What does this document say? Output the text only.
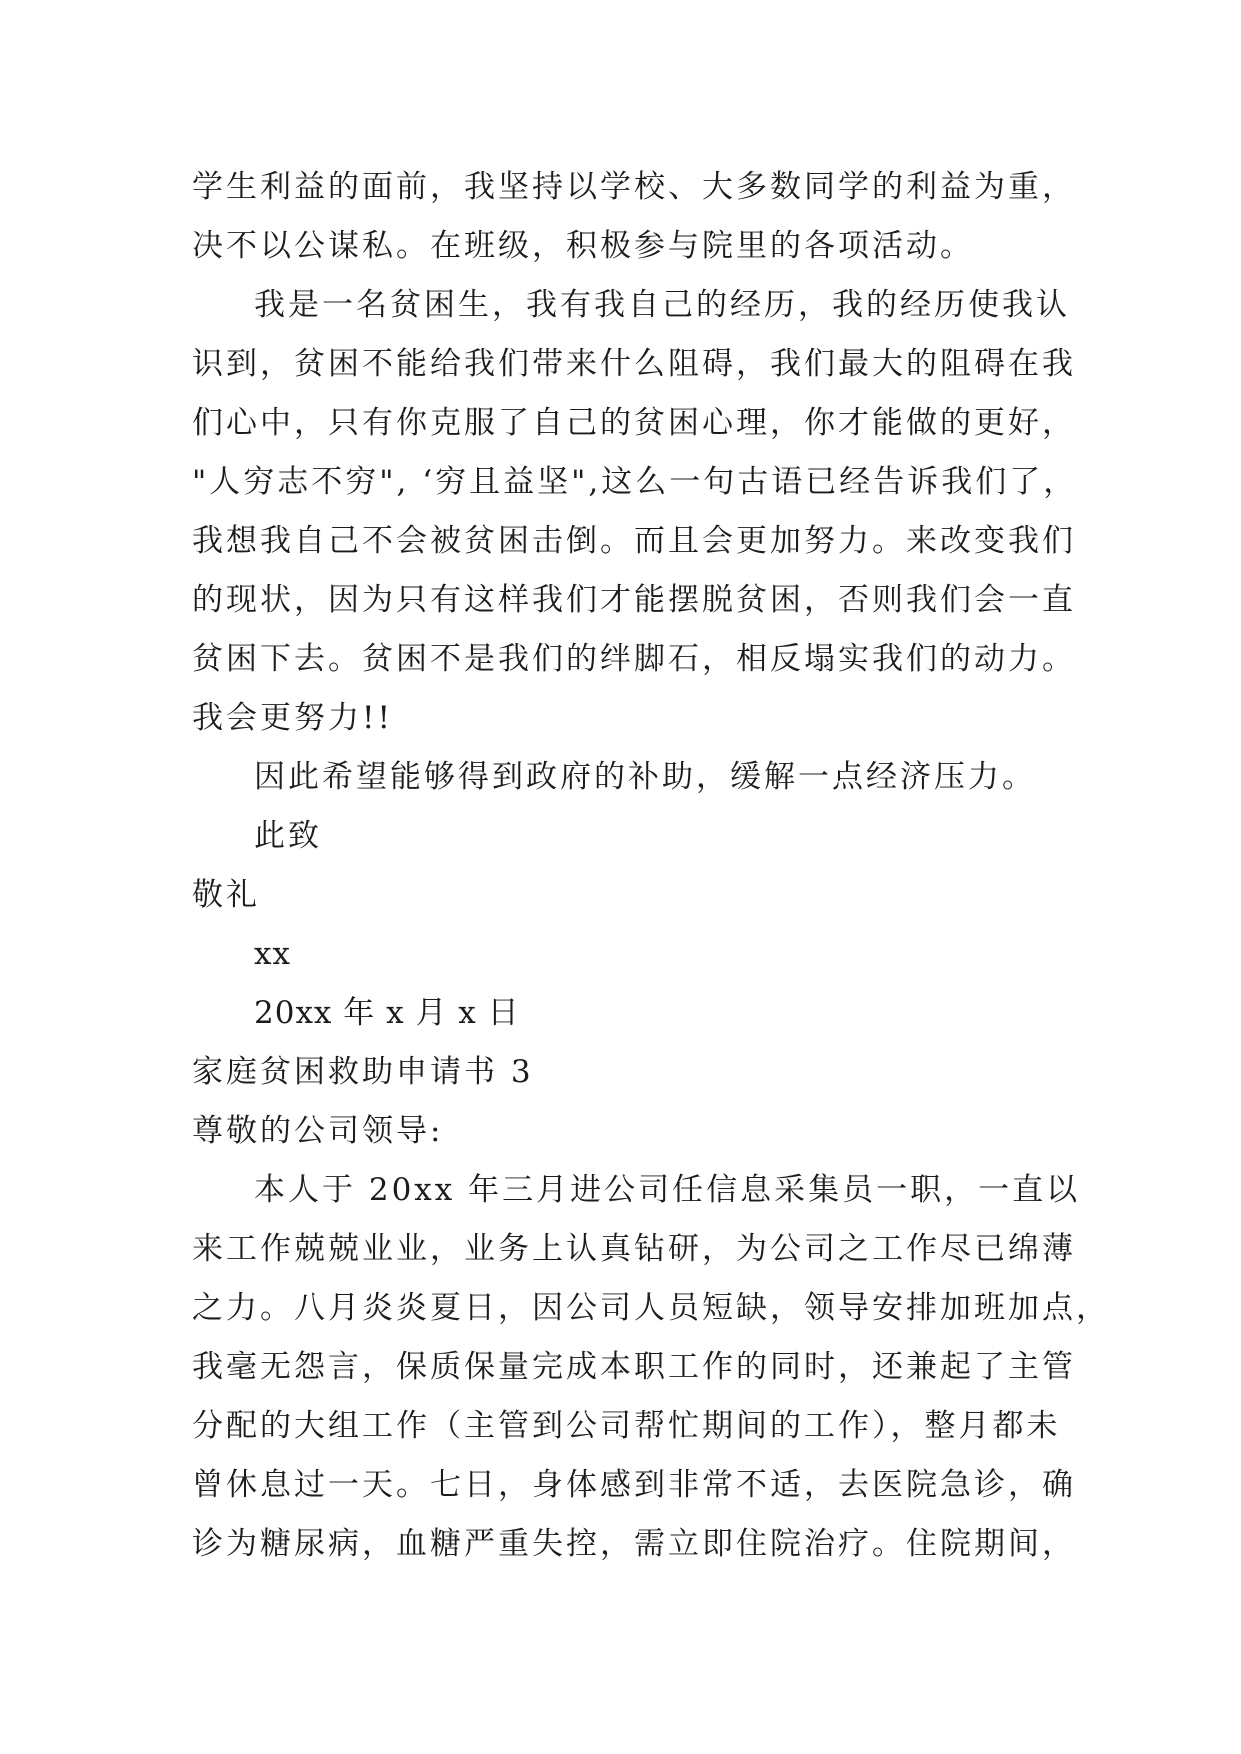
学生利益的面前，我坚持以学校、大多数同学的利益为重，
决不以公谋私。在班级，积极参与院里的各项活动。
我是一名贫困生，我有我自己的经历，我的经历使我认
识到，贫困不能给我们带来什么阻碍，我们最大的阻碍在我
们心中，只有你克服了自己的贫困心理，你才能做的更好，
"人穷志不穷", ‘穷且益坚",这么一句古语已经告诉我们了，
我想我自己不会被贫困击倒。而且会更加努力。来改变我们
的现状，因为只有这样我们才能摆脱贫困，否则我们会一直
贫困下去。贫困不是我们的绊脚石，相反塌实我们的动力。
我会更努力!!
因此希望能够得到政府的补助，缓解一点经济压力。
此致
敬礼
xx
20xx 年 x 月 x 日
家庭贫困救助申请书 3
尊敬的公司领导:
本人于 20xx 年三月进公司任信息采集员一职，一直以
来工作兢兢业业，业务上认真钻研，为公司之工作尽已绵薄
之力。八月炎炎夏日，因公司人员短缺，领导安排加班加点，
我毫无怨言，保质保量完成本职工作的同时，还兼起了主管
分配的大组工作（主管到公司帮忙期间的工作），整月都未
曾休息过一天。七日，身体感到非常不适，去医院急诊，确
诊为糖尿病，血糖严重失控，需立即住院治疗。住院期间，
